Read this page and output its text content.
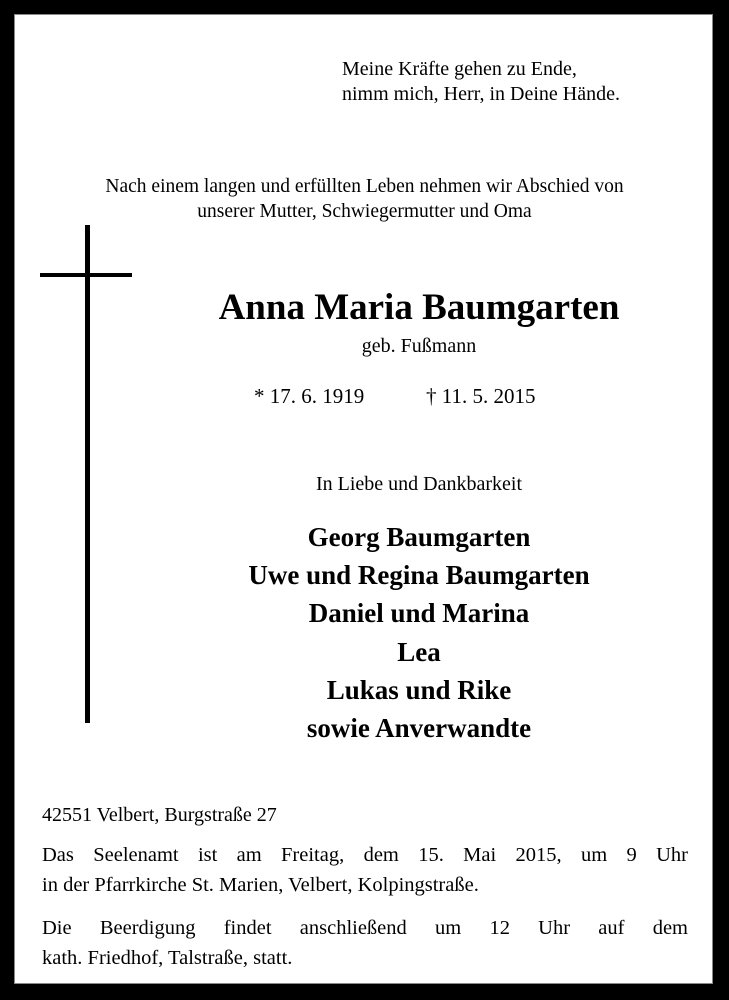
Meine Kräfte gehen zu Ende,
nimm mich, Herr, in Deine Hände.
Nach einem langen und erfüllten Leben nehmen wir Abschied von
unserer Mutter, Schwiegermutter und Oma
Anna Maria Baumgarten
geb. Fußmann
* 17. 6. 1919	† 11. 5. 2015
In Liebe und Dankbarkeit
Georg Baumgarten
Uwe und Regina Baumgarten
Daniel und Marina
Lea
Lukas und Rike
sowie Anverwandte
42551 Velbert, Burgstraße 27
Das Seelenamt ist am Freitag, dem 15. Mai 2015, um 9 Uhr
in der Pfarrkirche St. Marien, Velbert, Kolpingstraße.
Die Beerdigung findet anschließend um 12 Uhr auf dem
kath. Friedhof, Talstraße, statt.
